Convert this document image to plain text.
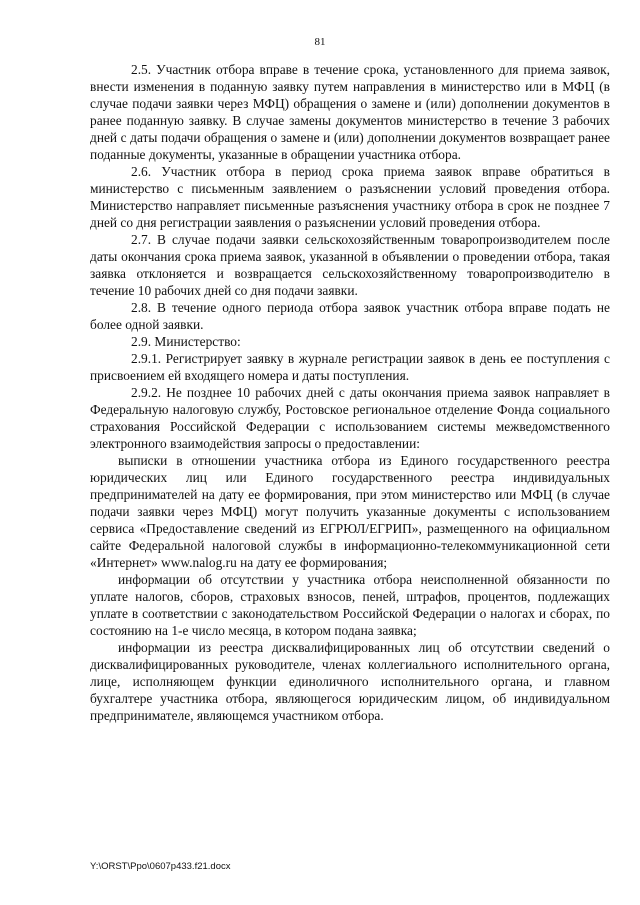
81

2.5. Участник отбора вправе в течение срока, установленного для приема заявок, внести изменения в поданную заявку путем направления в министерство или в МФЦ (в случае подачи заявки через МФЦ) обращения о замене и (или) дополнении документов в ранее поданную заявку. В случае замены документов министерство в течение 3 рабочих дней с даты подачи обращения о замене и (или) дополнении документов возвращает ранее поданные документы, указанные в обращении участника отбора.

2.6. Участник отбора в период срока приема заявок вправе обратиться в министерство с письменным заявлением о разъяснении условий проведения отбора. Министерство направляет письменные разъяснения участнику отбора в срок не позднее 7 дней со дня регистрации заявления о разъяснении условий проведения отбора.

2.7. В случае подачи заявки сельскохозяйственным товаропроизводителем после даты окончания срока приема заявок, указанной в объявлении о проведении отбора, такая заявка отклоняется и возвращается сельскохозяйственному товаропроизводителю в течение 10 рабочих дней со дня подачи заявки.

2.8. В течение одного периода отбора заявок участник отбора вправе подать не более одной заявки.

2.9. Министерство:

2.9.1. Регистрирует заявку в журнале регистрации заявок в день ее поступления с присвоением ей входящего номера и даты поступления.

2.9.2. Не позднее 10 рабочих дней с даты окончания приема заявок направляет в Федеральную налоговую службу, Ростовское региональное отделение Фонда социального страхования Российской Федерации с использованием системы межведомственного электронного взаимодействия запросы о предоставлении:

выписки в отношении участника отбора из Единого государственного реестра юридических лиц или Единого государственного реестра индивидуальных предпринимателей на дату ее формирования, при этом министерство или МФЦ (в случае подачи заявки через МФЦ) могут получить указанные документы с использованием сервиса «Предоставление сведений из ЕГРЮЛ/ЕГРИП», размещенного на официальном сайте Федеральной налоговой службы в информационно-телекоммуникационной сети «Интернет» www.nalog.ru на дату ее формирования;

информации об отсутствии у участника отбора неисполненной обязанности по уплате налогов, сборов, страховых взносов, пеней, штрафов, процентов, подлежащих уплате в соответствии с законодательством Российской Федерации о налогах и сборах, по состоянию на 1-е число месяца, в котором подана заявка;

информации из реестра дисквалифицированных лиц об отсутствии сведений о дисквалифицированных руководителе, членах коллегиального исполнительного органа, лице, исполняющем функции единоличного исполнительного органа, и главном бухгалтере участника отбора, являющегося юридическим лицом, об индивидуальном предпринимателе, являющемся участником отбора.

Y:\ORST\Ppo\0607p433.f21.docx
